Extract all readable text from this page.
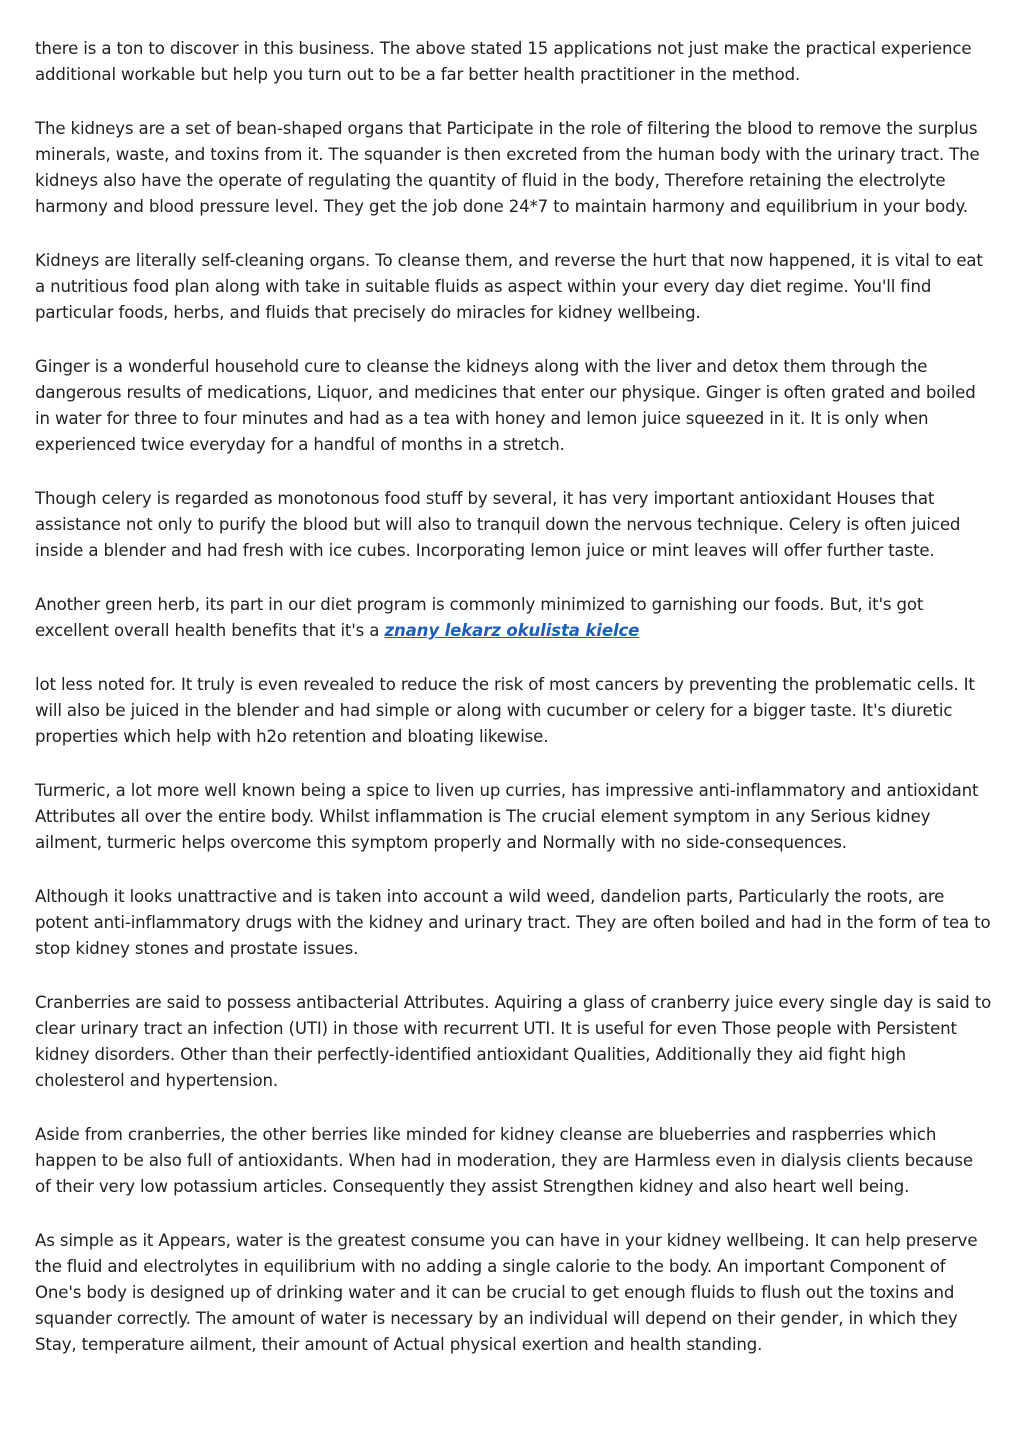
there is a ton to discover in this business. The above stated 15 applications not just make the practical experience additional workable but help you turn out to be a far better health practitioner in the method.

The kidneys are a set of bean-shaped organs that Participate in the role of filtering the blood to remove the surplus minerals, waste, and toxins from it. The squander is then excreted from the human body with the urinary tract. The kidneys also have the operate of regulating the quantity of fluid in the body, Therefore retaining the electrolyte harmony and blood pressure level. They get the job done 24*7 to maintain harmony and equilibrium in your body.

Kidneys are literally self-cleaning organs. To cleanse them, and reverse the hurt that now happened, it is vital to eat a nutritious food plan along with take in suitable fluids as aspect within your every day diet regime. You'll find particular foods, herbs, and fluids that precisely do miracles for kidney wellbeing.

Ginger is a wonderful household cure to cleanse the kidneys along with the liver and detox them through the dangerous results of medications, Liquor, and medicines that enter our physique. Ginger is often grated and boiled in water for three to four minutes and had as a tea with honey and lemon juice squeezed in it. It is only when experienced twice everyday for a handful of months in a stretch.

Though celery is regarded as monotonous food stuff by several, it has very important antioxidant Houses that assistance not only to purify the blood but will also to tranquil down the nervous technique. Celery is often juiced inside a blender and had fresh with ice cubes. Incorporating lemon juice or mint leaves will offer further taste.

Another green herb, its part in our diet program is commonly minimized to garnishing our foods. But, it's got excellent overall health benefits that it's a znany lekarz okulista kielce

lot less noted for. It truly is even revealed to reduce the risk of most cancers by preventing the problematic cells. It will also be juiced in the blender and had simple or along with cucumber or celery for a bigger taste. It's diuretic properties which help with h2o retention and bloating likewise.

Turmeric, a lot more well known being a spice to liven up curries, has impressive anti-inflammatory and antioxidant Attributes all over the entire body. Whilst inflammation is The crucial element symptom in any Serious kidney ailment, turmeric helps overcome this symptom properly and Normally with no side-consequences.

Although it looks unattractive and is taken into account a wild weed, dandelion parts, Particularly the roots, are potent anti-inflammatory drugs with the kidney and urinary tract. They are often boiled and had in the form of tea to stop kidney stones and prostate issues.

Cranberries are said to possess antibacterial Attributes. Aquiring a glass of cranberry juice every single day is said to clear urinary tract an infection (UTI) in those with recurrent UTI. It is useful for even Those people with Persistent kidney disorders. Other than their perfectly-identified antioxidant Qualities, Additionally they aid fight high cholesterol and hypertension.

Aside from cranberries, the other berries like minded for kidney cleanse are blueberries and raspberries which happen to be also full of antioxidants. When had in moderation, they are Harmless even in dialysis clients because of their very low potassium articles. Consequently they assist Strengthen kidney and also heart well being.

As simple as it Appears, water is the greatest consume you can have in your kidney wellbeing. It can help preserve the fluid and electrolytes in equilibrium with no adding a single calorie to the body. An important Component of One's body is designed up of drinking water and it can be crucial to get enough fluids to flush out the toxins and squander correctly. The amount of water is necessary by an individual will depend on their gender, in which they Stay, temperature ailment, their amount of Actual physical exertion and health standing.
